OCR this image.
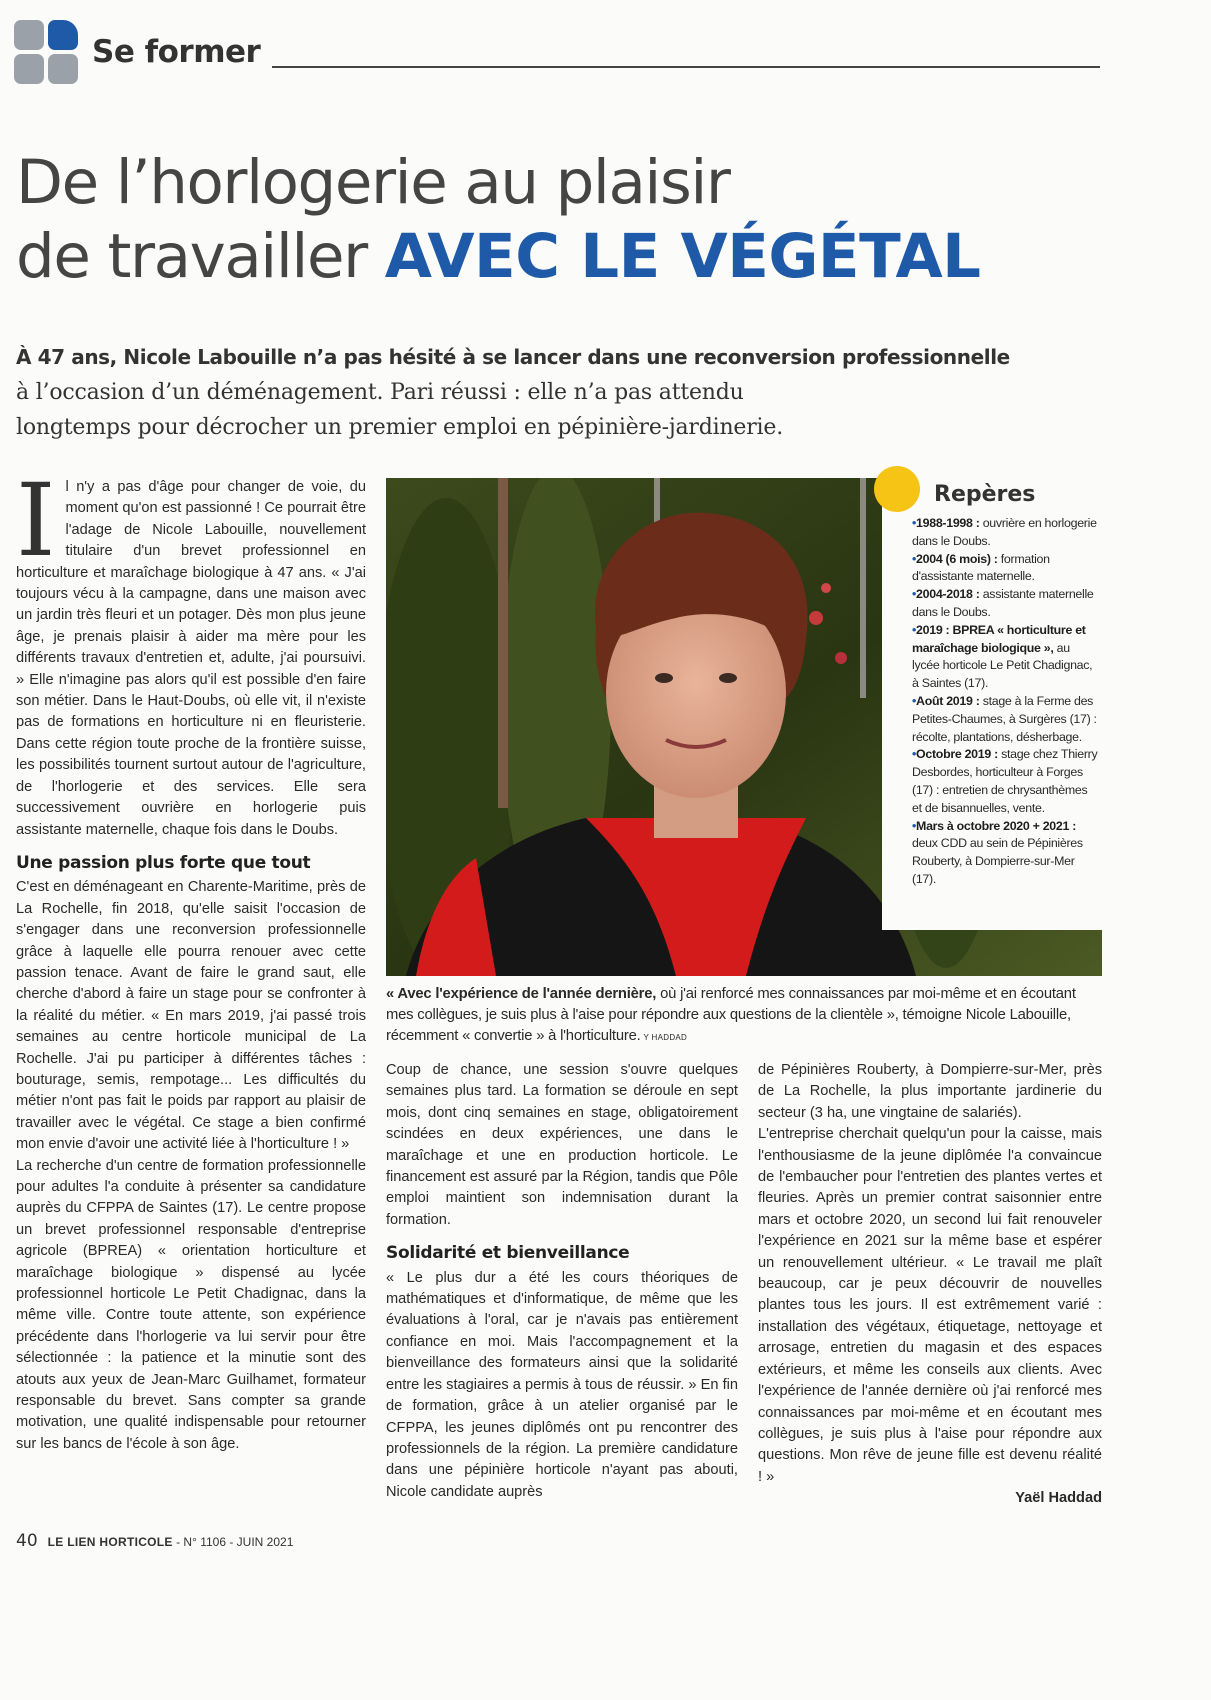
Se former
De l’horlogerie au plaisir
de travailler AVEC LE VÉGÉTAL
À 47 ans, Nicole Labouille n’a pas hésité à se lancer dans une reconversion professionnelle
à l’occasion d’un déménagement. Pari réussi : elle n’a pas attendu longtemps pour décrocher un premier emploi en pépinière-jardinerie.
I l n'y a pas d'âge pour changer de voie, du moment qu'on est passionné ! Ce pourrait être l'adage de Nicole Labouille, nouvellement titulaire d'un brevet professionnel en horticulture et maraîchage biologique à 47 ans. « J'ai toujours vécu à la campagne, dans une maison avec un jardin très fleuri et un potager. Dès mon plus jeune âge, je prenais plaisir à aider ma mère pour les différents travaux d'entretien et, adulte, j'ai poursuivi. » Elle n'imagine pas alors qu'il est possible d'en faire son métier. Dans le Haut-Doubs, où elle vit, il n'existe pas de formations en horticulture ni en fleuristerie. Dans cette région toute proche de la frontière suisse, les possibilités tournent surtout autour de l'agriculture, de l'horlogerie et des services. Elle sera successivement ouvrière en horlogerie puis assistante maternelle, chaque fois dans le Doubs.

Une passion plus forte que tout

C'est en déménageant en Charente-Maritime, près de La Rochelle, fin 2018, qu'elle saisit l'occasion de s'engager dans une reconversion professionnelle grâce à laquelle elle pourra renouer avec cette passion tenace. Avant de faire le grand saut, elle cherche d'abord à faire un stage pour se confronter à la réalité du métier. « En mars 2019, j'ai passé trois semaines au centre horticole municipal de La Rochelle. J'ai pu participer à différentes tâches : bouturage, semis, rempotage... Les difficultés du métier n'ont pas fait le poids par rapport au plaisir de travailler avec le végétal. Ce stage a bien confirmé mon envie d'avoir une activité liée à l'horticulture ! »

La recherche d'un centre de formation professionnelle pour adultes l'a conduite à présenter sa candidature auprès du CFPPA de Saintes (17). Le centre propose un brevet professionnel responsable d'entreprise agricole (BPREA) « orientation horticulture et maraîchage biologique » dispensé au lycée professionnel horticole Le Petit Chadignac, dans la même ville. Contre toute attente, son expérience précédente dans l'horlogerie va lui servir pour être sélectionnée : la patience et la minutie sont des atouts aux yeux de Jean-Marc Guilhamet, formateur responsable du brevet. Sans compter sa grande motivation, une qualité indispensable pour retourner sur les bancs de l'école à son âge.

Repères
•1988-1998 : ouvrière en horlogerie dans le Doubs.
•2004 (6 mois) : formation d'assistante maternelle.
•2004-2018 : assistante maternelle dans le Doubs.
•2019 : BPREA « horticulture et maraîchage biologique », au lycée horticole Le Petit Chadignac, à Saintes (17).
•Août 2019 : stage à la Ferme des Petites-Chaumes, à Surgères (17) : récolte, plantations, désherbage.
•Octobre 2019 : stage chez Thierry Desbordes, horticulteur à Forges (17) : entretien de chrysanthèmes et de bisannuelles, vente.
•Mars à octobre 2020 + 2021 : deux CDD au sein de Pépinières Rouberty, à Dompierre-sur-Mer (17).
« Avec l'expérience de l'année dernière, où j'ai renforcé mes connaissances par moi-même et en écoutant mes collègues, je suis plus à l'aise pour répondre aux questions de la clientèle », témoigne Nicole Labouille, récemment « convertie » à l'horticulture. Y HADDAD

Coup de chance, une session s'ouvre quelques semaines plus tard. La formation se déroule en sept mois, dont cinq semaines en stage, obligatoirement scindées en deux expériences, une dans le maraîchage et une en production horticole. Le financement est assuré par la Région, tandis que Pôle emploi maintient son indemnisation durant la formation.

Solidarité et bienveillance

« Le plus dur a été les cours théoriques de mathématiques et d'informatique, de même que les évaluations à l'oral, car je n'avais pas entièrement confiance en moi. Mais l'accompagnement et la bienveillance des formateurs ainsi que la solidarité entre les stagiaires a permis à tous de réussir. » En fin de formation, grâce à un atelier organisé par le CFPPA, les jeunes diplômés ont pu rencontrer des professionnels de la région. La première candidature dans une pépinière horticole n'ayant pas abouti, Nicole candidate auprès

de Pépinières Rouberty, à Dompierre-sur-Mer, près de La Rochelle, la plus importante jardinerie du secteur (3 ha, une vingtaine de salariés).

L'entreprise cherchait quelqu'un pour la caisse, mais l'enthousiasme de la jeune diplômée l'a convaincue de l'embaucher pour l'entretien des plantes vertes et fleuries. Après un premier contrat saisonnier entre mars et octobre 2020, un second lui fait renouveler l'expérience en 2021 sur la même base et espérer un renouvellement ultérieur. « Le travail me plaît beaucoup, car je peux découvrir de nouvelles plantes tous les jours. Il est extrêmement varié : installation des végétaux, étiquetage, nettoyage et arrosage, entretien du magasin et des espaces extérieurs, et même les conseils aux clients. Avec l'expérience de l'année dernière où j'ai renforcé mes connaissances par moi-même et en écoutant mes collègues, je suis plus à l'aise pour répondre aux questions. Mon rêve de jeune fille est devenu réalité ! »

Yaël Haddad

40 LE LIEN HORTICOLE - N° 1106 - JUIN 2021
